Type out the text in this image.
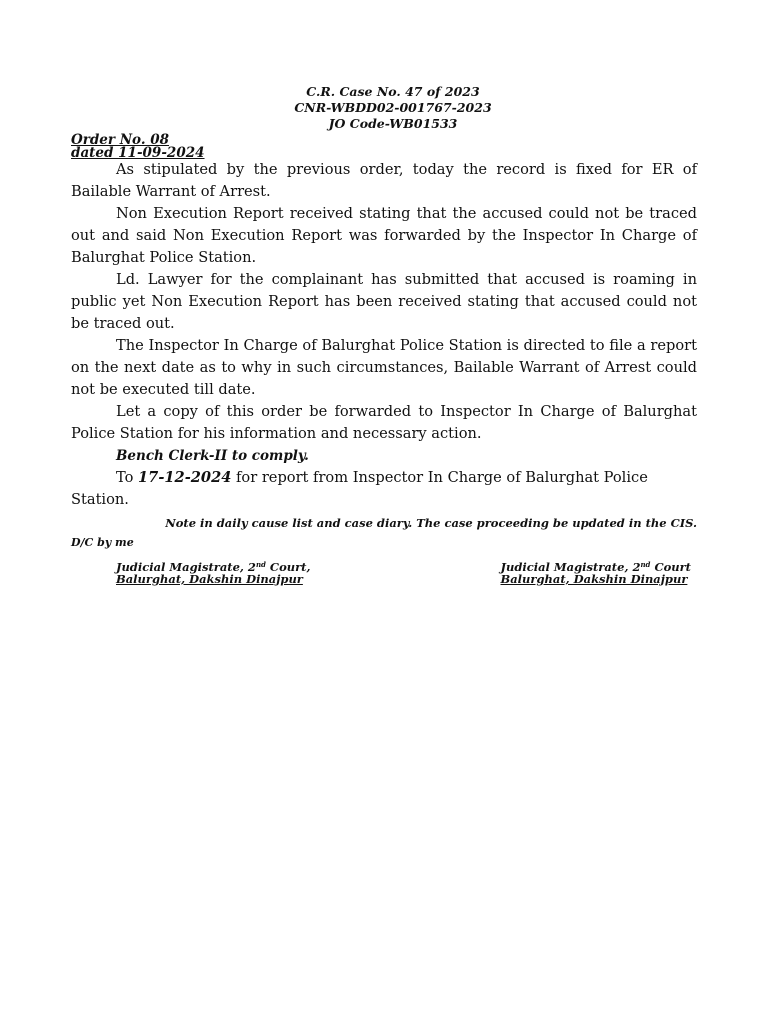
C.R. Case No. 47 of 2023
CNR-WBDD02-001767-2023
JO Code-WB01533
Order No. 08
dated 11-09-2024

As stipulated by the previous order, today the record is fixed for ER of Bailable Warrant of Arrest.

Non Execution Report received stating that the accused could not be traced out and said Non Execution Report was forwarded by the Inspector In Charge of Balurghat Police Station.

Ld. Lawyer for the complainant has submitted that accused is roaming in public yet Non Execution Report has been received stating that accused could not be traced out.

The Inspector In Charge of Balurghat Police Station is directed to file a report on the next date as to why in such circumstances, Bailable Warrant of Arrest could not be executed till date.

Let a copy of this order be forwarded to Inspector In Charge of Balurghat Police Station for his information and necessary action.

Bench Clerk-II to comply.

To 17-12-2024 for report from Inspector In Charge of Balurghat Police Station.

Note in daily cause list and case diary. The case proceeding be updated in the CIS.

D/C by me

Judicial Magistrate, 2nd Court,
Balurghat, Dakshin Dinajpur
Judicial Magistrate, 2nd Court
Balurghat, Dakshin Dinajpur
